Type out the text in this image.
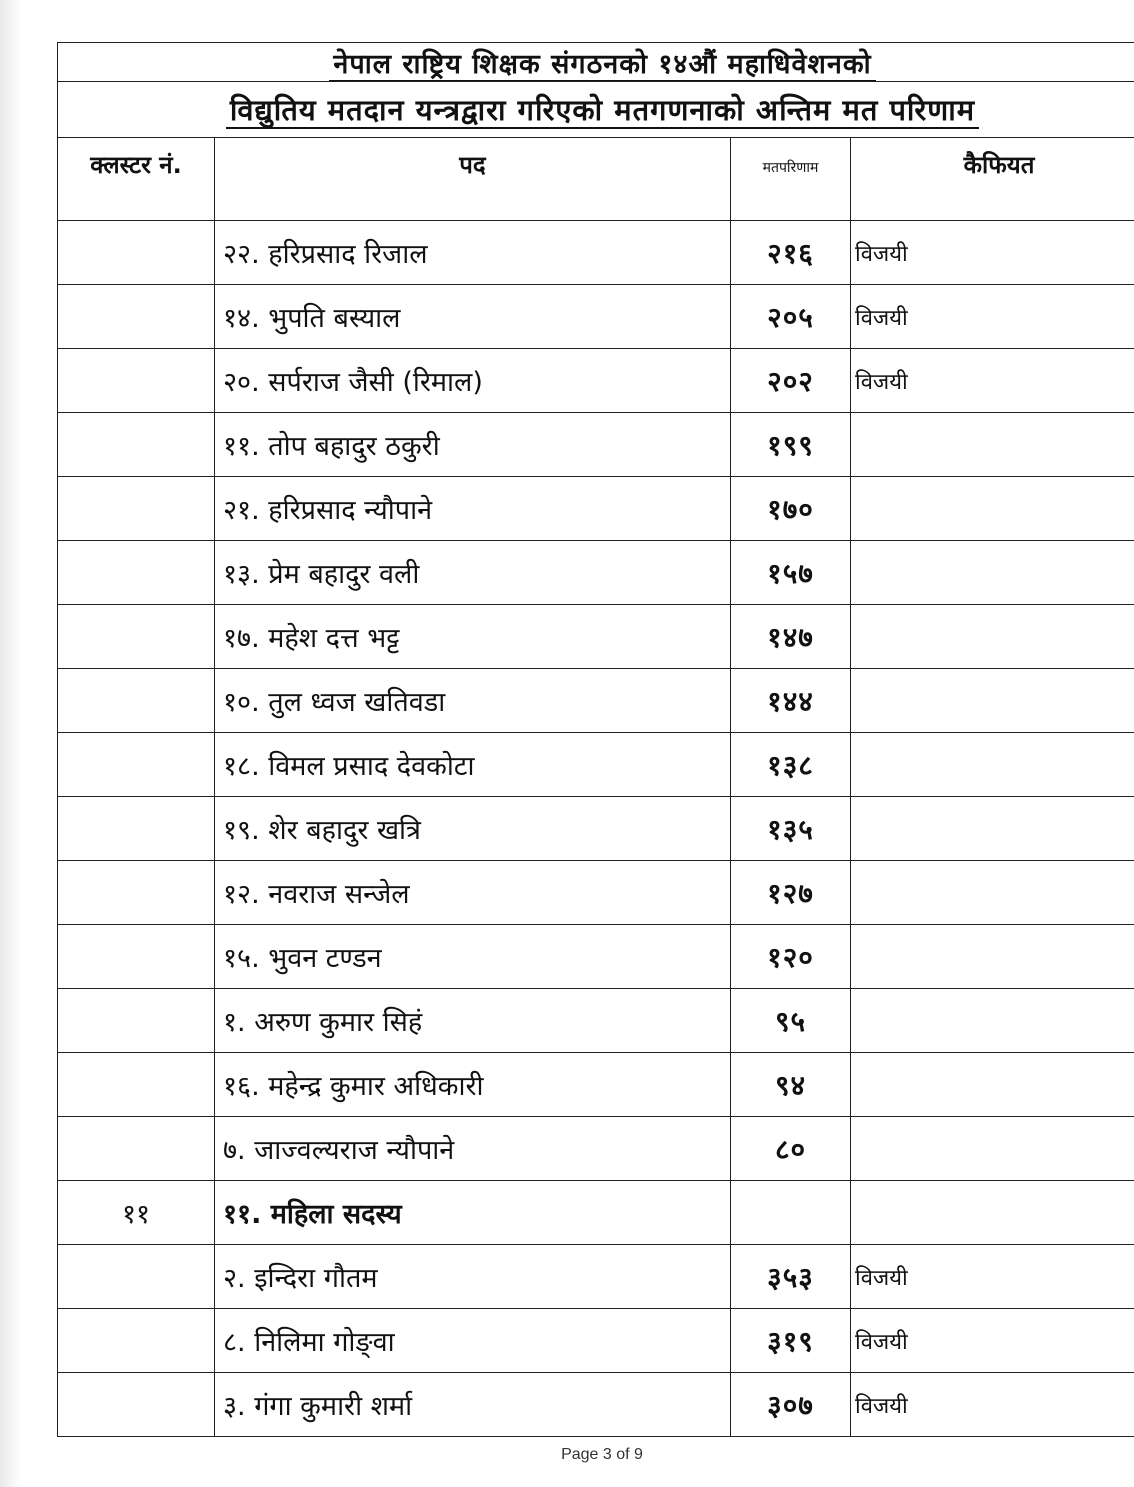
नेपाल राष्ट्रिय शिक्षक संगठनको १४औं महाधिवेशनको			
विद्युतिय मतदान यन्त्रद्वारा गरिएको मतगणनाको अन्तिम मत परिणाम			
क्लस्टर नं.	पद	मतपरिणाम	कैफियत
	२२. हरिप्रसाद रिजाल	२१६	विजयी
	१४. भुपति बस्याल	२०५	विजयी
	२०. सर्पराज जैसी (रिमाल)	२०२	विजयी
	११. तोप बहादुर ठकुरी	१९९	
	२१. हरिप्रसाद न्यौपाने	१७०	
	१३. प्रेम बहादुर वली	१५७	
	१७. महेश दत्त भट्ट	१४७	
	१०. तुल ध्वज खतिवडा	१४४	
	१८. विमल प्रसाद देवकोटा	१३८	
	१९. शेर बहादुर खत्रि	१३५	
	१२. नवराज सन्जेल	१२७	
	१५. भुवन टण्डन	१२०	
	१. अरुण कुमार सिहं	९५	
	१६. महेन्द्र कुमार अधिकारी	९४	
	७. जाज्वल्यराज न्यौपाने	८०	
११	११. महिला सदस्य		
	२. इन्दिरा गौतम	३५३	विजयी
	८. निलिमा गोङ्वा	३१९	विजयी
	३. गंगा कुमारी शर्मा	३०७	विजयी
Page 3 of 9
